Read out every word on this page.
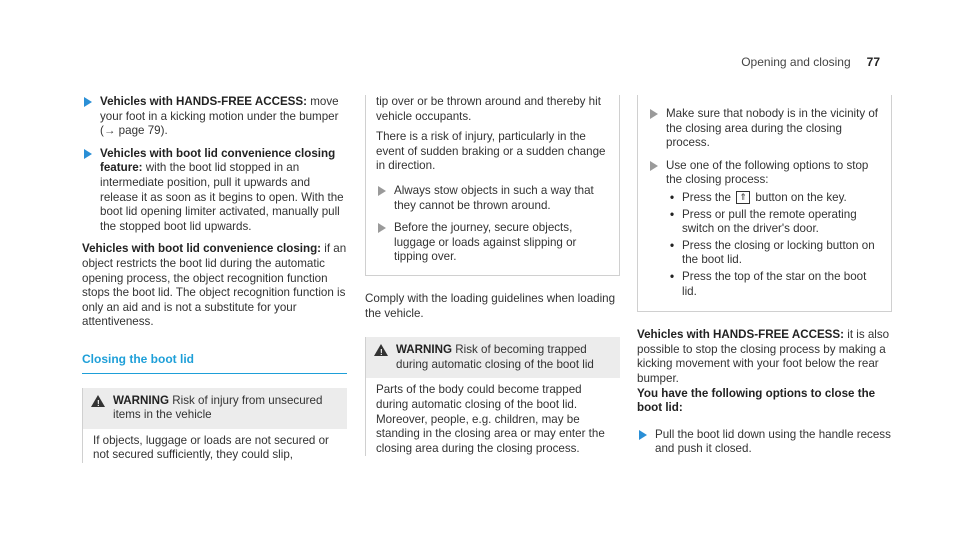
Opening and closing 77
Vehicles with HANDS-FREE ACCESS: move your foot in a kicking motion under the bumper (→ page 79).
Vehicles with boot lid convenience closing feature: with the boot lid stopped in an intermediate position, pull it upwards and release it as soon as it begins to open. With the boot lid opening limiter activated, manually pull the stopped boot lid upwards.

Vehicles with boot lid convenience closing: if an object restricts the boot lid during the automatic opening process, the object recognition function stops the boot lid. The object recognition function is only an aid and is not a substitute for your attentiveness.

Closing the boot lid
! WARNING Risk of injury from unsecured items in the vehicle
If objects, luggage or loads are not secured or not secured sufficiently, they could slip,

tip over or be thrown around and thereby hit vehicle occupants.

There is a risk of injury, particularly in the event of sudden braking or a sudden change in direction.

Always stow objects in such a way that they cannot be thrown around.
Before the journey, secure objects, luggage or loads against slipping or tipping over.

Comply with the loading guidelines when loading the vehicle.

! WARNING Risk of becoming trapped during automatic closing of the boot lid
Parts of the body could become trapped during automatic closing of the boot lid. Moreover, people, e.g. children, may be standing in the closing area or may enter the closing area during the closing process.
Make sure that nobody is in the vicinity of the closing area during the closing process.
Use one of the following options to stop the closing process:
• Press the ⇑ button on the key.
• Press or pull the remote operating switch on the driver's door.
• Press the closing or locking button on the boot lid.
• Press the top of the star on the boot lid.

Vehicles with HANDS-FREE ACCESS: it is also possible to stop the closing process by making a kicking movement with your foot below the rear bumper.

You have the following options to close the boot lid:

Pull the boot lid down using the handle recess and push it closed.
